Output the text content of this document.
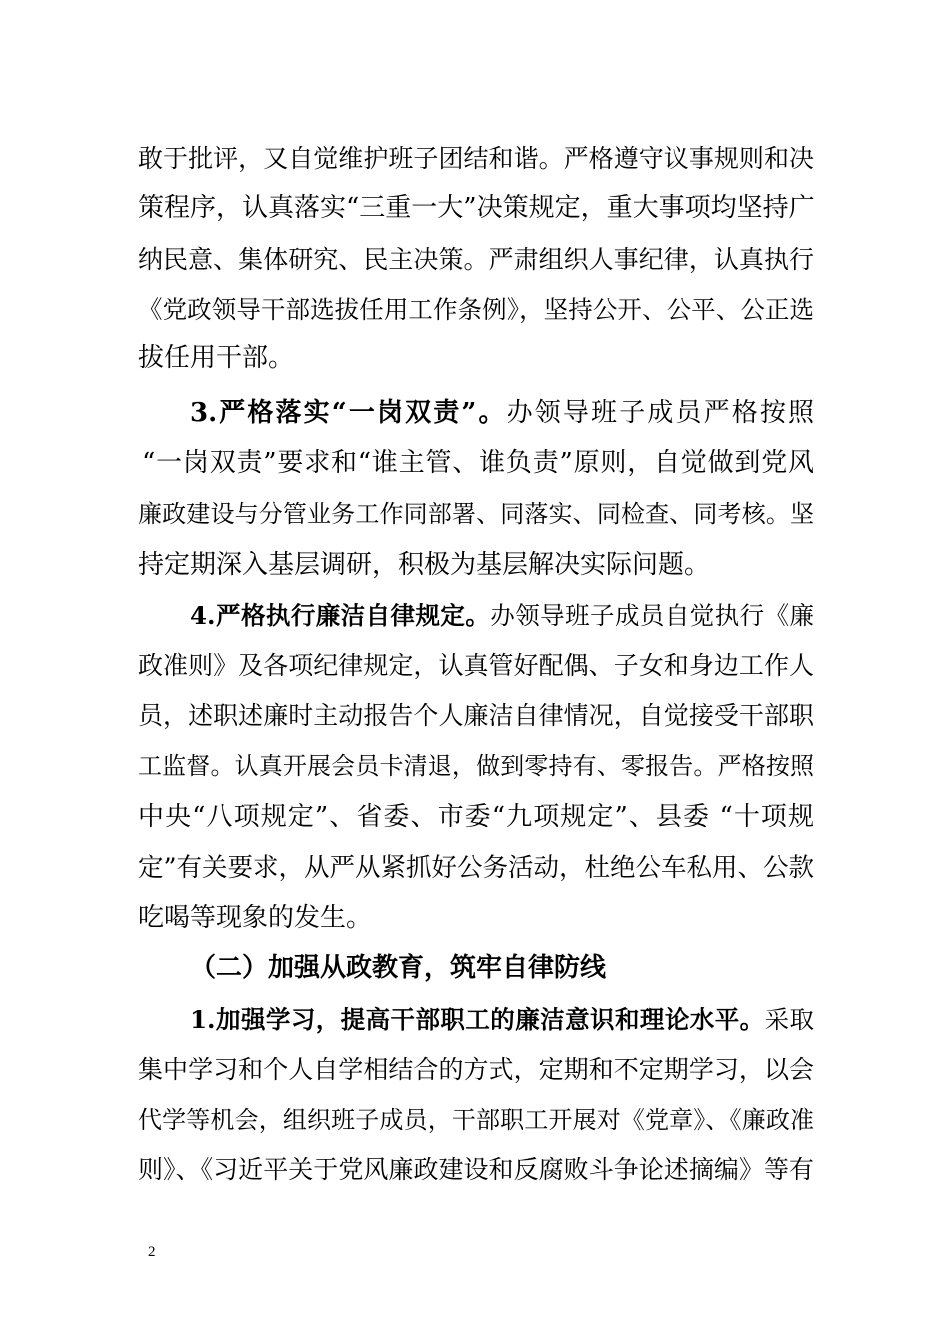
敢于批评，又自觉维护班子团结和谐。严格遵守议事规则和决
策程序，认真落实“三重一大”决策规定，重大事项均坚持广
纳民意、集体研究、民主决策。严肃组织人事纪律，认真执行
《党政领导干部选拔任用工作条例》，坚持公开、公平、公正选
拔任用干部。
3.严格落实“一岗双责”。办领导班子成员严格按照
“一岗双责”要求和“谁主管、谁负责”原则，自觉做到党风
廉政建设与分管业务工作同部署、同落实、同检查、同考核。坚
持定期深入基层调研，积极为基层解决实际问题。
4.严格执行廉洁自律规定。办领导班子成员自觉执行《廉
政准则》及各项纪律规定，认真管好配偶、子女和身边工作人
员，述职述廉时主动报告个人廉洁自律情况，自觉接受干部职
工监督。认真开展会员卡清退，做到零持有、零报告。严格按照
中央“八项规定”、省委、市委“九项规定”、县委 “十项规
定”有关要求，从严从紧抓好公务活动，杜绝公车私用、公款
吃喝等现象的发生。
（二）加强从政教育，筑牢自律防线
1.加强学习，提高干部职工的廉洁意识和理论水平。采取
集中学习和个人自学相结合的方式，定期和不定期学习，以会
代学等机会，组织班子成员，干部职工开展对《党章》、《廉政准
则》、《习近平关于党风廉政建设和反腐败斗争论述摘编》等有
2
